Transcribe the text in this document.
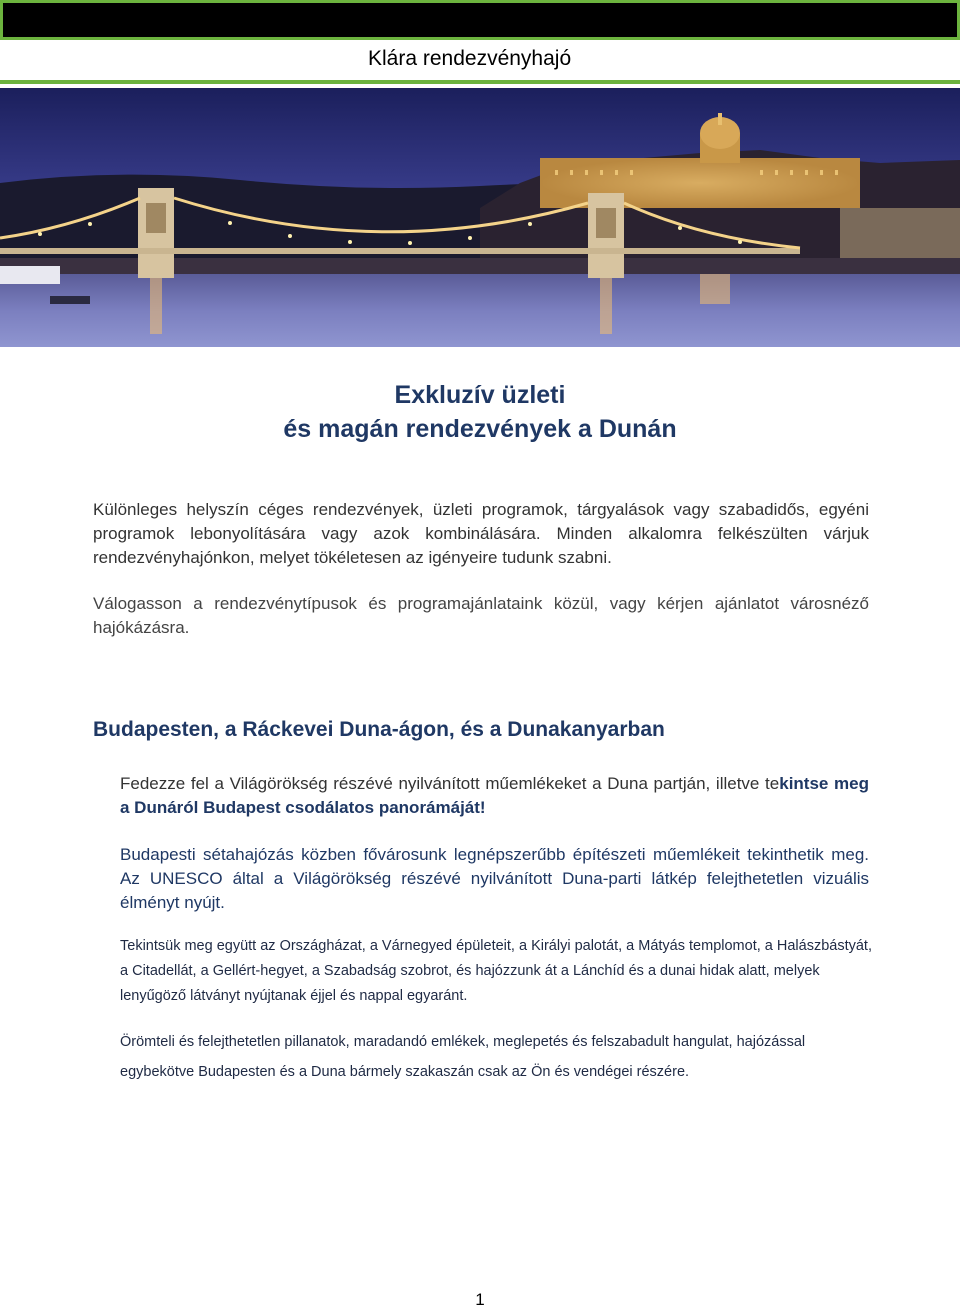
Klára rendezvényhajó
Exkluzív üzleti
és magán rendezvények a Dunán
Különleges helyszín céges rendezvények, üzleti programok, tárgyalások vagy szabadidős, egyéni programok lebonyolítására vagy azok kombinálására. Minden alkalomra felkészülten várjuk rendezvényhajónkon, melyet tökéletesen az igényeire tudunk szabni.
Válogasson a rendezvénytípusok és programajánlataink közül, vagy kérjen ajánlatot városnéző hajókázásra.
Budapesten, a Ráckevei Duna-ágon, és a Dunakanyarban
Fedezze fel a Világörökség részévé nyilvánított műemlékeket a Duna partján, illetve tekintse meg a Dunáról Budapest csodálatos panorámáját!
Budapesti sétahajózás közben fővárosunk legnépszerűbb építészeti műemlékeit tekinthetik meg. Az UNESCO által a Világörökség részévé nyilvánított Duna-parti látkép felejthetetlen vizuális élményt nyújt.
Tekintsük meg együtt az Országházat, a Várnegyed épületeit, a Királyi palotát, a Mátyás templomot, a Halászbástyát, a Citadellát, a Gellért-hegyet, a Szabadság szobrot, és hajózzunk át a Lánchíd és a dunai hidak alatt, melyek lenyűgöző látványt nyújtanak éjjel és nappal egyaránt.
Örömteli és felejthetetlen pillanatok, maradandó emlékek, meglepetés és felszabadult hangulat, hajózással egybekötve Budapesten és a Duna bármely szakaszán csak az Ön és vendégei részére.
1
